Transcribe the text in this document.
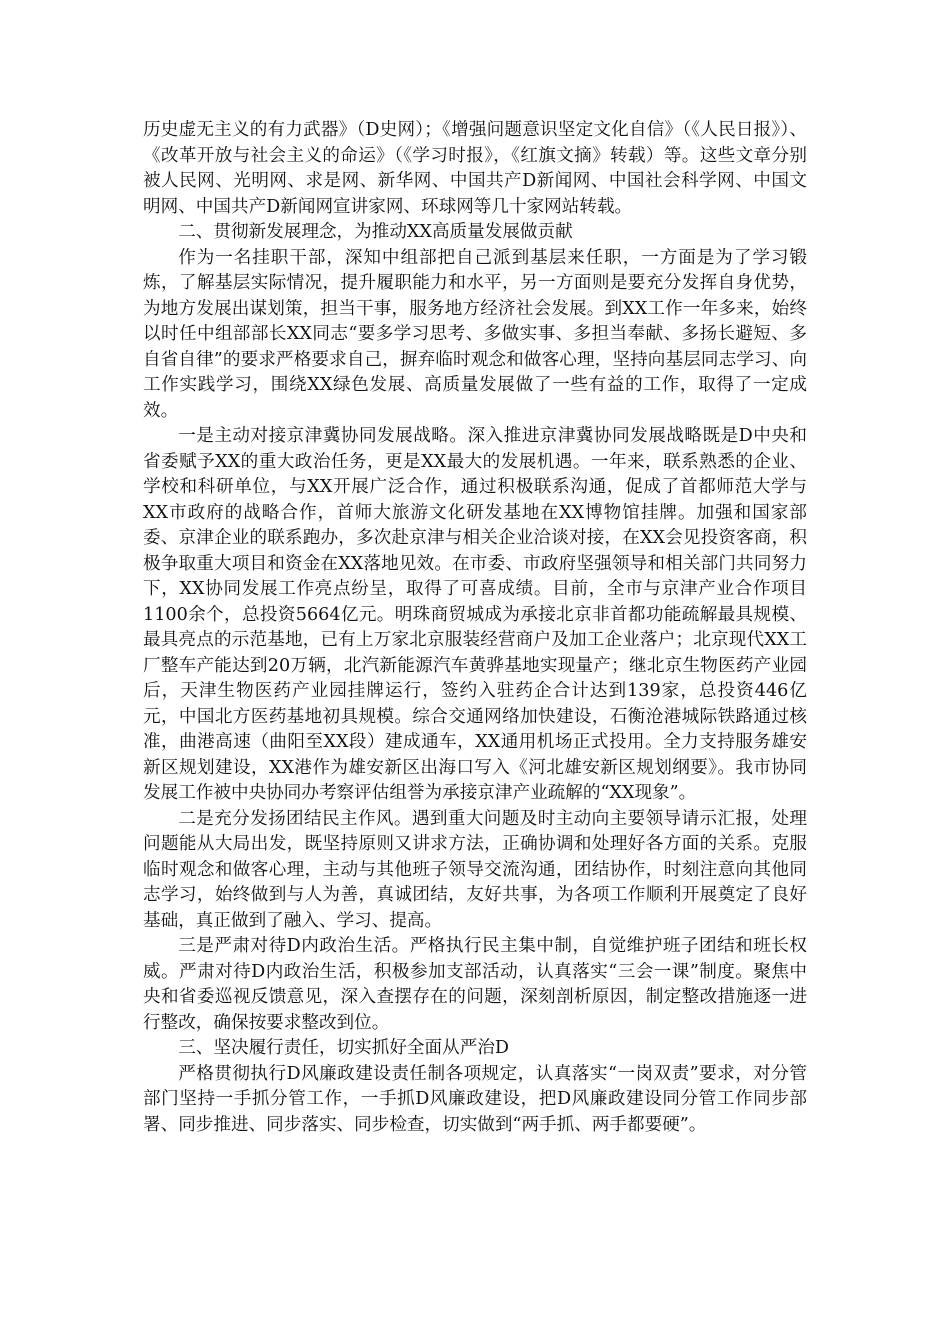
历史虚无主义的有力武器》（D史网）；《增强问题意识坚定文化自信》（《人民日报》）、《改革开放与社会主义的命运》（《学习时报》，《红旗文摘》转载）等。这些文章分别被人民网、光明网、求是网、新华网、中国共产D新闻网、中国社会科学网、中国文明网、中国共产D新闻网宣讲家网、环球网等几十家网站转载。

二、贯彻新发展理念，为推动XX高质量发展做贡献

作为一名挂职干部，深知中组部把自己派到基层来任职，一方面是为了学习锻炼，了解基层实际情况，提升履职能力和水平，另一方面则是要充分发挥自身优势，为地方发展出谋划策，担当干事，服务地方经济社会发展。到XX工作一年多来，始终以时任中组部部长XX同志“要多学习思考、多做实事、多担当奉献、多扬长避短、多自省自律”的要求严格要求自己，摒弃临时观念和做客心理，坚持向基层同志学习、向工作实践学习，围绕XX绿色发展、高质量发展做了一些有益的工作，取得了一定成效。

一是主动对接京津冀协同发展战略。深入推进京津冀协同发展战略既是D中央和省委赋予XX的重大政治任务，更是XX最大的发展机遇。一年来，联系熟悉的企业、学校和科研单位，与XX开展广泛合作，通过积极联系沟通，促成了首都师范大学与XX市政府的战略合作，首师大旅游文化研发基地在XX博物馆挂牌。加强和国家部委、京津企业的联系跑办，多次赴京津与相关企业洽谈对接，在XX会见投资客商，积极争取重大项目和资金在XX落地见效。在市委、市政府坚强领导和相关部门共同努力下，XX协同发展工作亮点纷呈，取得了可喜成绩。目前，全市与京津产业合作项目1100余个，总投资5664亿元。明珠商贸城成为承接北京非首都功能疏解最具规模、最具亮点的示范基地，已有上万家北京服装经营商户及加工企业落户；北京现代XX工厂整车产能达到20万辆，北汽新能源汽车黄骅基地实现量产；继北京生物医药产业园后，天津生物医药产业园挂牌运行，签约入驻药企合计达到139家，总投资446亿元，中国北方医药基地初具规模。综合交通网络加快建设，石衡沧港城际铁路通过核准，曲港高速（曲阳至XX段）建成通车，XX通用机场正式投用。全力支持服务雄安新区规划建设，XX港作为雄安新区出海口写入《河北雄安新区规划纲要》。我市协同发展工作被中央协同办考察评估组誉为承接京津产业疏解的“XX现象”。

二是充分发扬团结民主作风。遇到重大问题及时主动向主要领导请示汇报，处理问题能从大局出发，既坚持原则又讲求方法，正确协调和处理好各方面的关系。克服临时观念和做客心理，主动与其他班子领导交流沟通，团结协作，时刻注意向其他同志学习，始终做到与人为善，真诚团结，友好共事，为各项工作顺利开展奠定了良好基础，真正做到了融入、学习、提高。

三是严肃对待D内政治生活。严格执行民主集中制，自觉维护班子团结和班长权威。严肃对待D内政治生活，积极参加支部活动，认真落实“三会一课”制度。聚焦中央和省委巡视反馈意见，深入查摆存在的问题，深刻剖析原因，制定整改措施逐一进行整改，确保按要求整改到位。

三、坚决履行责任，切实抓好全面从严治D

严格贯彻执行D风廉政建设责任制各项规定，认真落实“一岗双责”要求，对分管部门坚持一手抓分管工作，一手抓D风廉政建设，把D风廉政建设同分管工作同步部署、同步推进、同步落实、同步检查，切实做到“两手抓、两手都要硬”。
